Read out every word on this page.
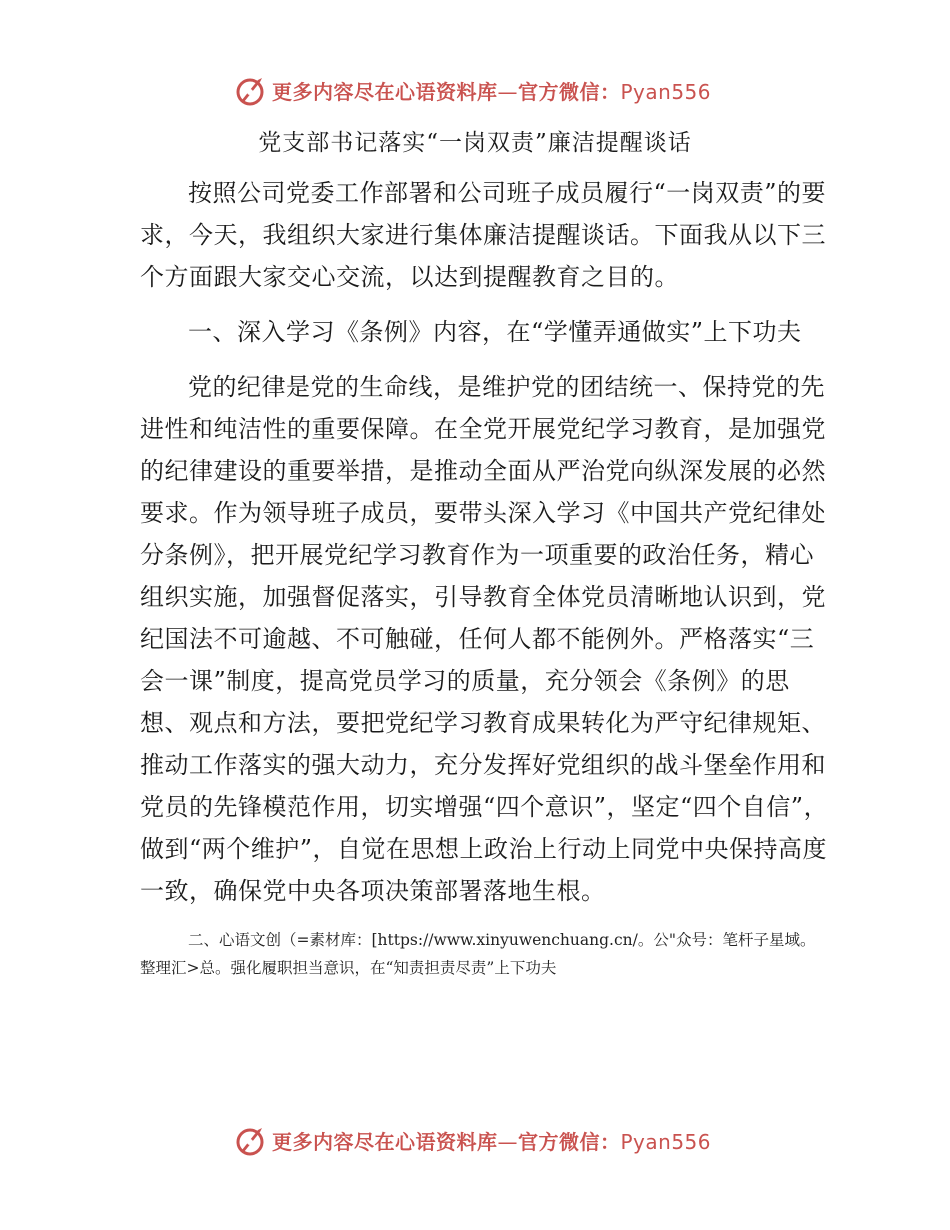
更多内容尽在心语资料库—官方微信：Pyan556
党支部书记落实“一岗双责”廉洁提醒谈话

按照公司党委工作部署和公司班子成员履行“一岗双责”的要求，今天，我组织大家进行集体廉洁提醒谈话。下面我从以下三个方面跟大家交心交流，以达到提醒教育之目的。

一、深入学习《条例》内容，在“学懂弄通做实”上下功夫

党的纪律是党的生命线，是维护党的团结统一、保持党的先进性和纯洁性的重要保障。在全党开展党纪学习教育，是加强党的纪律建设的重要举措，是推动全面从严治党向纵深发展的必然要求。作为领导班子成员，要带头深入学习《中国共产党纪律处分条例》，把开展党纪学习教育作为一项重要的政治任务，精心组织实施，加强督促落实，引导教育全体党员清晰地认识到，党纪国法不可逾越、不可触碰，任何人都不能例外。严格落实“三会一课”制度，提高党员学习的质量，充分领会《条例》的思想、观点和方法，要把党纪学习教育成果转化为严守纪律规矩、推动工作落实的强大动力，充分发挥好党组织的战斗堡垒作用和党员的先锋模范作用，切实增强“四个意识”，坚定“四个自信”，做到“两个维护”，自觉在思想上政治上行动上同党中央保持高度一致，确保党中央各项决策部署落地生根。

二、心语文创（=素材库：[https://www.xinyuwenchuang.cn/。公"众号：笔杆子星域。整理汇>总。强化履职担当意识，在“知责担责尽责”上下功夫

更多内容尽在心语资料库—官方微信：Pyan556
